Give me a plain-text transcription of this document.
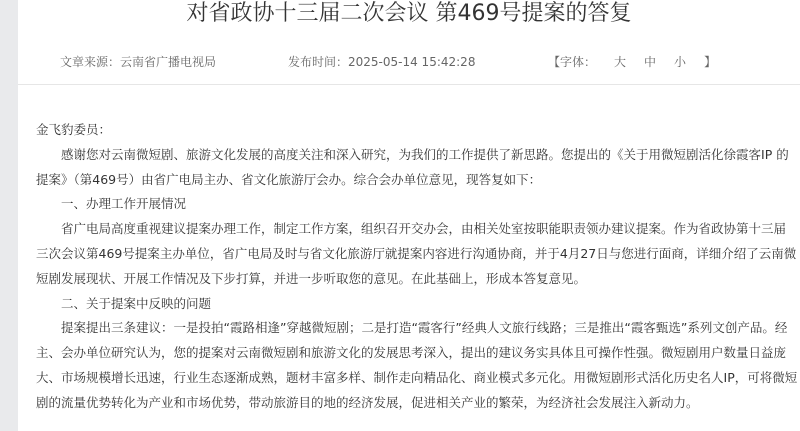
对省政协十三届二次会议 第469号提案的答复
文章来源：云南省广播电视局	发布时间：2025-05-14 15:42:28	【字体： 大 中 小 】

金飞豹委员：

感谢您对云南微短剧、旅游文化发展的高度关注和深入研究，为我们的工作提供了新思路。您提出的《关于用微短剧活化徐霞客IP 的提案》（第469号）由省广电局主办、省文化旅游厅会办。综合会办单位意见，现答复如下：

一、办理工作开展情况

省广电局高度重视建议提案办理工作，制定工作方案，组织召开交办会，由相关处室按职能职责领办建议提案。作为省政协第十三届三次会议第469号提案主办单位，省广电局及时与省文化旅游厅就提案内容进行沟通协商，并于4月27日与您进行面商，详细介绍了云南微短剧发展现状、开展工作情况及下步打算，并进一步听取您的意见。在此基础上，形成本答复意见。

二、关于提案中反映的问题

提案提出三条建议：一是投拍“霞路相逢”穿越微短剧；二是打造“霞客行”经典人文旅行线路；三是推出“霞客甄选”系列文创产品。经主、会办单位研究认为，您的提案对云南微短剧和旅游文化的发展思考深入，提出的建议务实具体且可操作性强。微短剧用户数量日益庞大、市场规模增长迅速，行业生态逐渐成熟，题材丰富多样、制作走向精品化、商业模式多元化。用微短剧形式活化历史名人IP，可将微短剧的流量优势转化为产业和市场优势，带动旅游目的地的经济发展，促进相关产业的繁荣，为经济社会发展注入新动力。
